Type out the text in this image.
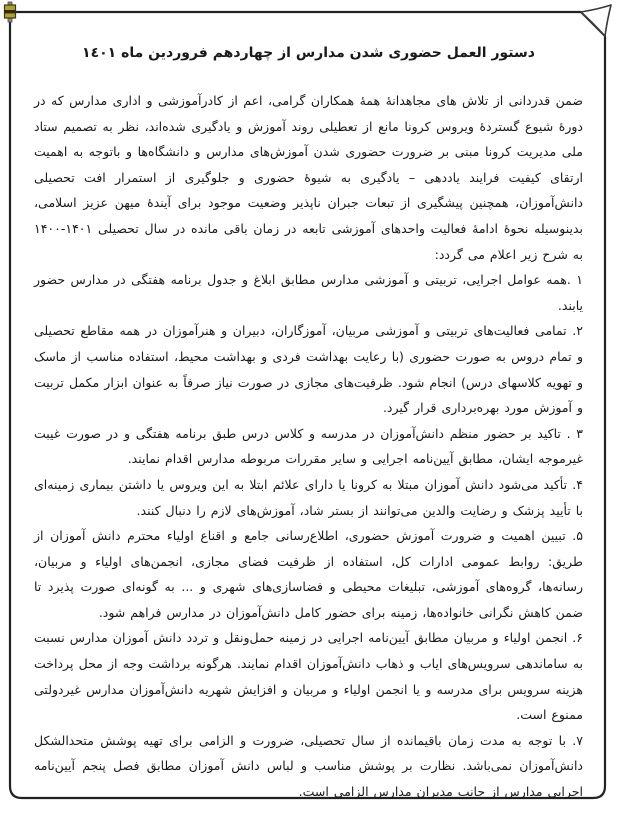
دستور العمل حضوری شدن مدارس از چهاردهم فروردین ماه ١٤٠١

ضمن قدردانی از تلاش های مجاهدانهٔ همهٔ همکاران گرامی، اعم از کادرآموزشی و اداری مدارس که در دورهٔ شیوع گستردهٔ ویروس کرونا مانع از تعطیلی روند آموزش و یادگیری شده‌اند، نظر به تصمیم ستاد ملی مدیریت کرونا مبنی بر ضرورت حضوری شدن آموزش‌های مدارس و دانشگاه‌ها و باتوجه به اهمیت ارتقای کیفیت فرایند یاددهی – یادگیری به شیوهٔ حضوری و جلوگیری از استمرار افت تحصیلی دانش‌آموزان، همچنین پیشگیری از تبعات جبران ناپذیر وضعیت موجود برای آیندهٔ میهن عزیز اسلامی، بدینوسیله نحوهٔ ادامهٔ فعالیت واحدهای آموزشی تابعه در زمان باقی مانده در سال تحصیلی ۱۴۰۱-۱۴۰۰ به شرح زیر اعلام می گردد:

۱ .همه عوامل اجرایی، تربیتی و آموزشی مدارس مطابق ابلاغ و جدول برنامه هفتگی در مدارس حضور یابند.

۲. تمامی فعالیت‌های تربیتی و آموزشی مربیان، آموزگاران، دبیران و هنرآموزان در همه مقاطع تحصیلی و تمام دروس به صورت حضوری (با رعایت بهداشت فردی و بهداشت محیط، استفاده مناسب از ماسک و تهویه کلاسهای درس) انجام شود. ظرفیت‌های مجازی در صورت نیاز صرفاً به عنوان ابزار مکمل تربیت و آموزش مورد بهره‌برداری قرار گیرد.

۳ . تاکید بر حضور منظم دانش‌آموزان در مدرسه و کلاس درس طبق برنامه هفتگی و در صورت غیبت غیرموجه ایشان، مطابق آیین‌نامه اجرایی و سایر مقررات مربوطه مدارس اقدام نمایند.

۴. تأکید می‌شود دانش آموزان مبتلا به کرونا یا دارای علائم ابتلا به این ویروس یا داشتن بیماری زمینه‌ای با تأیید پزشک و رضایت والدین می‌توانند از بستر شاد، آموزش‌های لازم را دنبال کنند.

۵. تبیین اهمیت و ضرورت آموزش حضوری، اطلاع‌رسانی جامع و اقناع اولیاء محترم دانش آموزان از طریق: روابط عمومی ادارات کل، استفاده از ظرفیت فضای مجازی، انجمن‌های اولیاء و مربیان، رسانه‌ها، گروه‌های آموزشی، تبلیغات محیطی و فضاسازی‌های شهری و ... به گونه‌ای صورت پذیرد تا ضمن کاهش نگرانی خانواده‌ها، زمینه برای حضور کامل دانش‌آموزان در مدارس فراهم شود.

۶. انجمن اولیاء و مربیان مطابق آیین‌نامه اجرایی در زمینه حمل‌ونقل و تردد دانش آموزان مدارس نسبت به ساماندهی سرویس‌های ایاب و ذهاب دانش‌آموزان اقدام نمایند. هرگونه برداشت وجه از محل پرداخت هزینه سرویس برای مدرسه و یا انجمن اولیاء و مربیان و افزایش شهریه دانش‌آموزان مدارس غیردولتی ممنوع است.

۷. با توجه به مدت زمان باقیمانده از سال تحصیلی، ضرورت و الزامی برای تهیه پوشش متحدالشکل دانش‌آموزان نمی‌باشد. نظارت بر پوشش مناسب و لباس دانش آموزان مطابق فصل پنجم آیین‌نامه اجرایی مدارس از جانب مدیران مدارس الزامی است.
